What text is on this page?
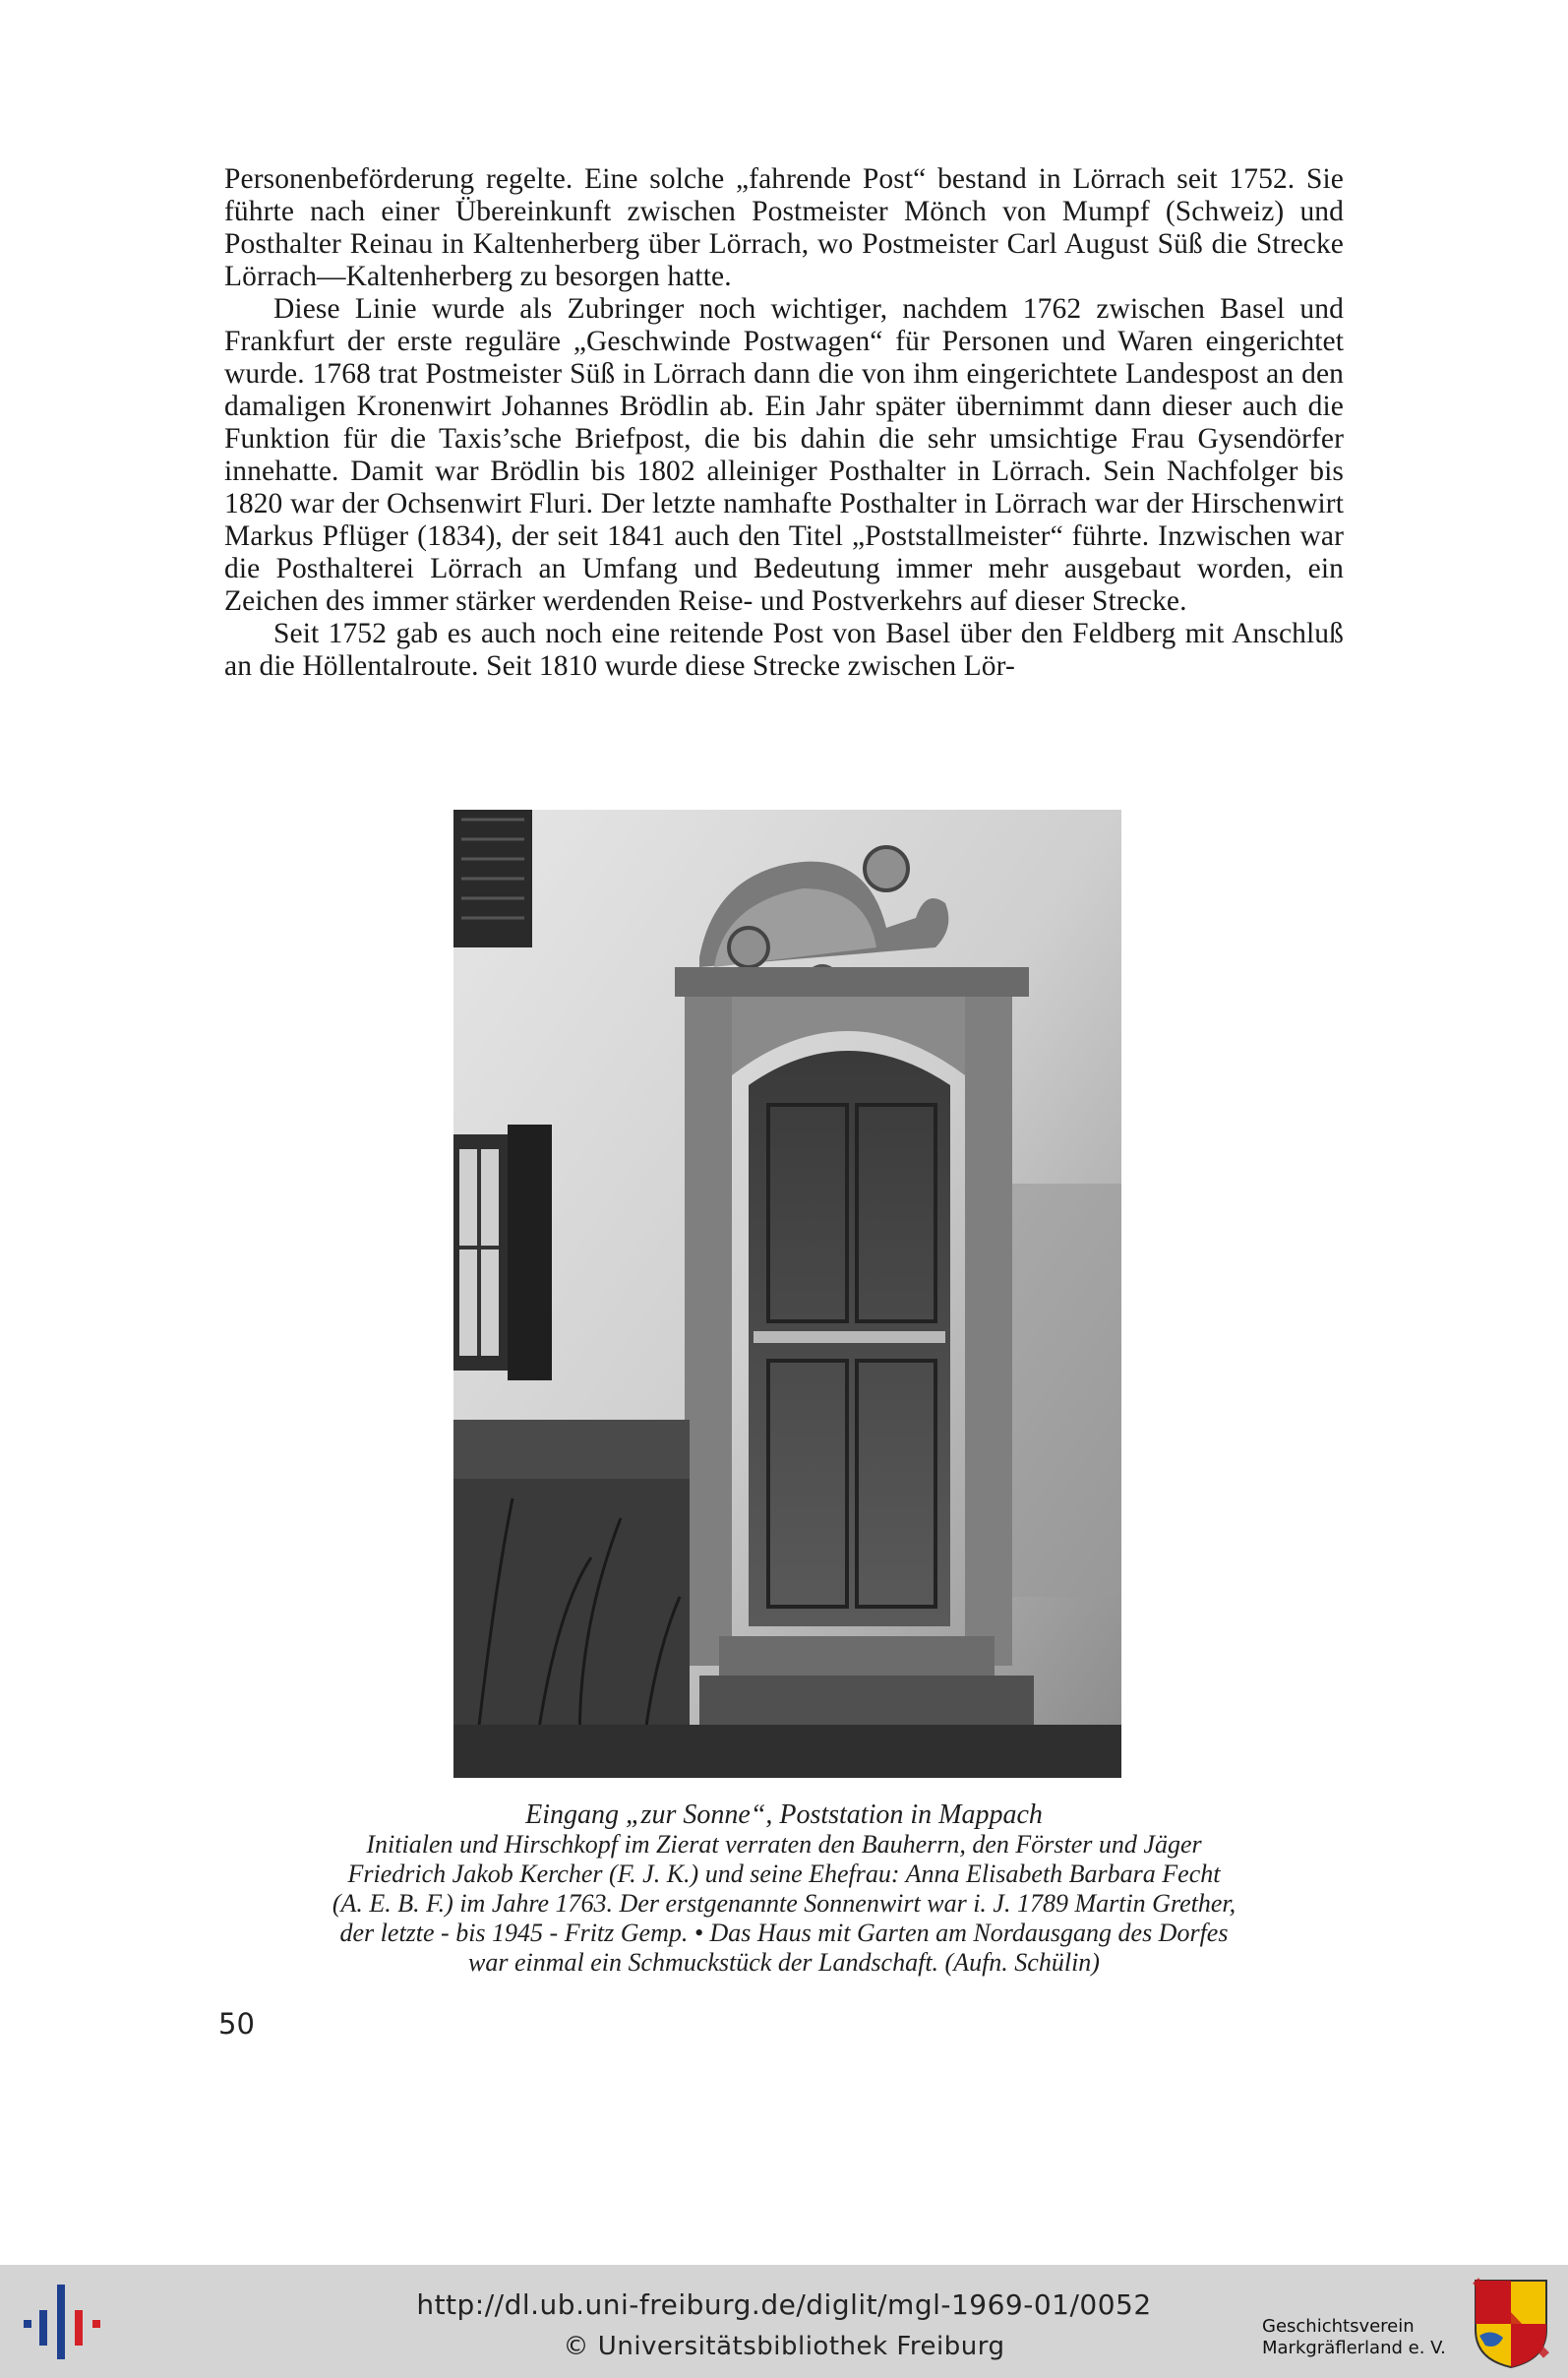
Personenbeförderung regelte. Eine solche „fahrende Post“ bestand in Lörrach seit 1752. Sie führte nach einer Übereinkunft zwischen Postmeister Mönch von Mumpf (Schweiz) und Posthalter Reinau in Kaltenherberg über Lörrach, wo Postmeister Carl August Süß die Strecke Lörrach—Kaltenherberg zu besorgen hatte.

Diese Linie wurde als Zubringer noch wichtiger, nachdem 1762 zwischen Basel und Frankfurt der erste reguläre „Geschwinde Postwagen“ für Personen und Waren eingerichtet wurde. 1768 trat Postmeister Süß in Lörrach dann die von ihm eingerichtete Landespost an den damaligen Kronenwirt Johannes Brödlin ab. Ein Jahr später übernimmt dann dieser auch die Funktion für die Taxis’sche Briefpost, die bis dahin die sehr umsichtige Frau Gysendörfer innehatte. Damit war Brödlin bis 1802 alleiniger Posthalter in Lörrach. Sein Nachfolger bis 1820 war der Ochsenwirt Fluri. Der letzte namhafte Posthalter in Lörrach war der Hirschenwirt Markus Pflüger (1834), der seit 1841 auch den Titel „Poststallmeister“ führte. Inzwischen war die Posthalterei Lörrach an Umfang und Bedeutung immer mehr ausgebaut worden, ein Zeichen des immer stärker werdenden Reise- und Postverkehrs auf dieser Strecke.

Seit 1752 gab es auch noch eine reitende Post von Basel über den Feldberg mit Anschluß an die Höllentalroute. Seit 1810 wurde diese Strecke zwischen Lör-

Eingang „zur Sonne“, Poststation in Mappach
Initialen und Hirschkopf im Zierat verraten den Bauherrn, den Förster und Jäger
Friedrich Jakob Kercher (F. J. K.) und seine Ehefrau: Anna Elisabeth Barbara Fecht
(A. E. B. F.) im Jahre 1763. Der erstgenannte Sonnenwirt war i. J. 1789 Martin Grether,
der letzte - bis 1945 - Fritz Gemp. • Das Haus mit Garten am Nordausgang des Dorfes
war einmal ein Schmuckstück der Landschaft. (Aufn. Schülin)
50
http://dl.ub.uni-freiburg.de/diglit/mgl-1969-01/0052
© Universitätsbibliothek Freiburg
Geschichtsverein
Markgräflerland e. V.
